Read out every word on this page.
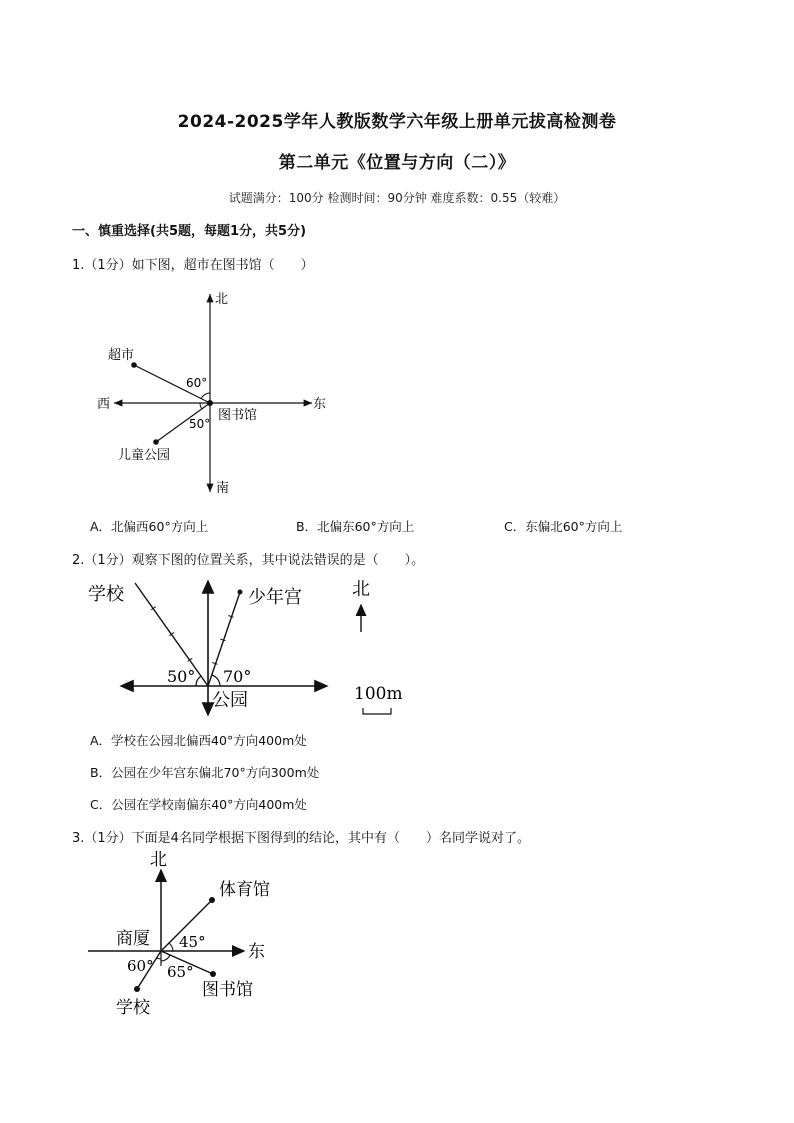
2024-2025学年人教版数学六年级上册单元拔高检测卷
第二单元《位置与方向（二）》
试题满分：100分 检测时间：90分钟 难度系数：0.55（较难）
一、慎重选择(共5题，每题1分，共5分)
1.（1分）如下图，超市在图书馆（　　）
北
南
东
西
超市
图书馆
儿童公园
60°
50°
A．北偏西60°方向上	B．北偏东60°方向上	C．东偏北60°方向上
2.（1分）观察下图的位置关系，其中说法错误的是（　　）。
学校	少年宫
公园
50° 70°
北
100m
A．学校在公园北偏西40°方向400m处
B．公园在少年宫东偏北70°方向300m处
C．公园在学校南偏东40°方向400m处
3.（1分）下面是4名同学根据下图得到的结论，其中有（　　）名同学说对了。
北
东
商厦
体育馆
图书馆
学校
45°
60° 65°
